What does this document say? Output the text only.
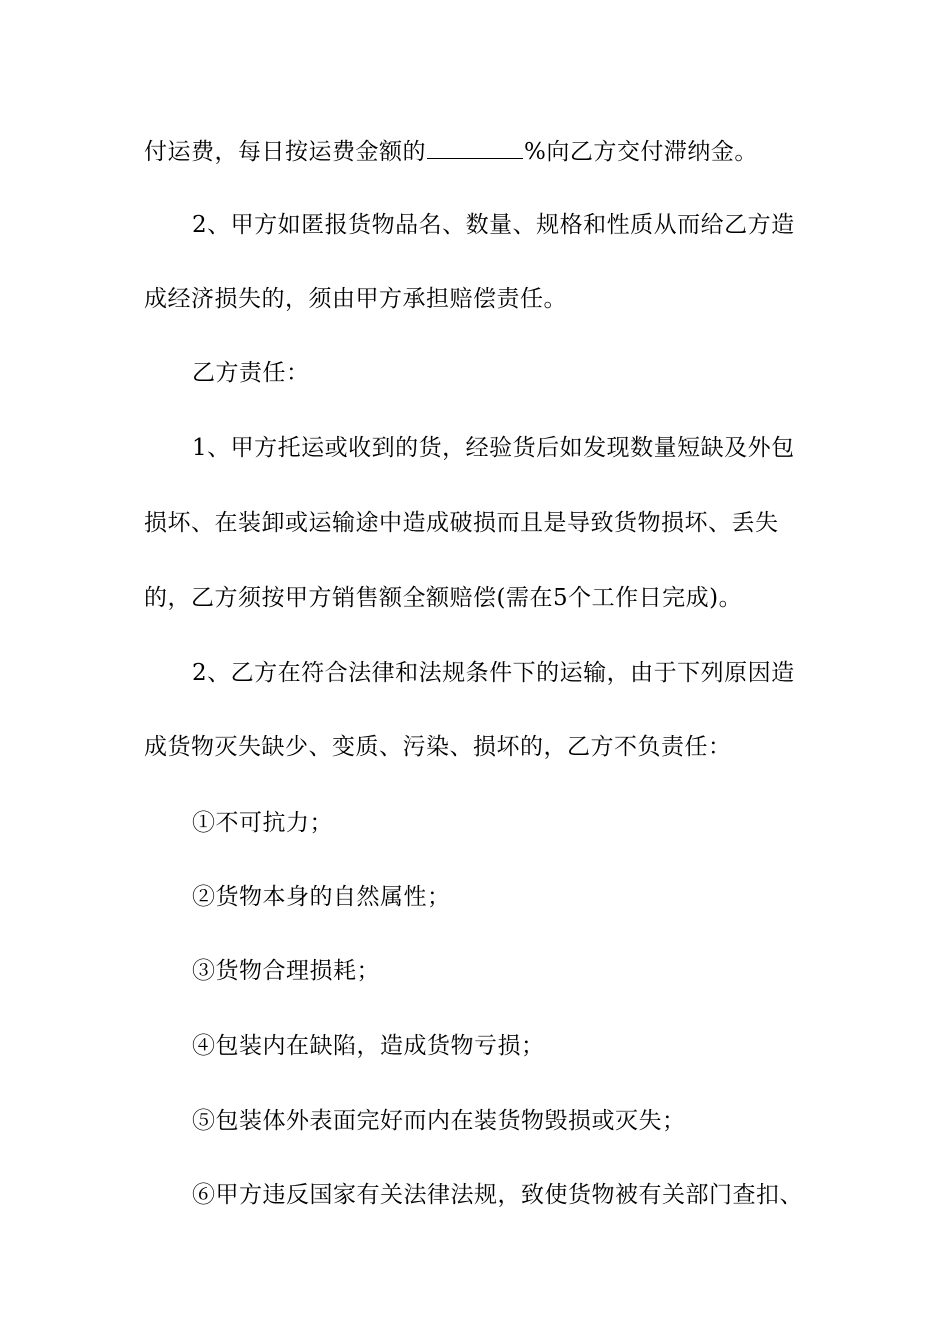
付运费，每日按运费金额的	%向乙方交付滞纳金。
2、甲方如匿报货物品名、数量、规格和性质从而给乙方造
成经济损失的，须由甲方承担赔偿责任。
乙方责任：
1、甲方托运或收到的货，经验货后如发现数量短缺及外包
损坏、在装卸或运输途中造成破损而且是导致货物损坏、丢失
的，乙方须按甲方销售额全额赔偿(需在5个工作日完成)。
2、乙方在符合法律和法规条件下的运输，由于下列原因造
成货物灭失缺少、变质、污染、损坏的，乙方不负责任：
①不可抗力；
②货物本身的自然属性；
③货物合理损耗；
④包装内在缺陷，造成货物亏损；
⑤包装体外表面完好而内在装货物毁损或灭失；
⑥甲方违反国家有关法律法规，致使货物被有关部门查扣、
